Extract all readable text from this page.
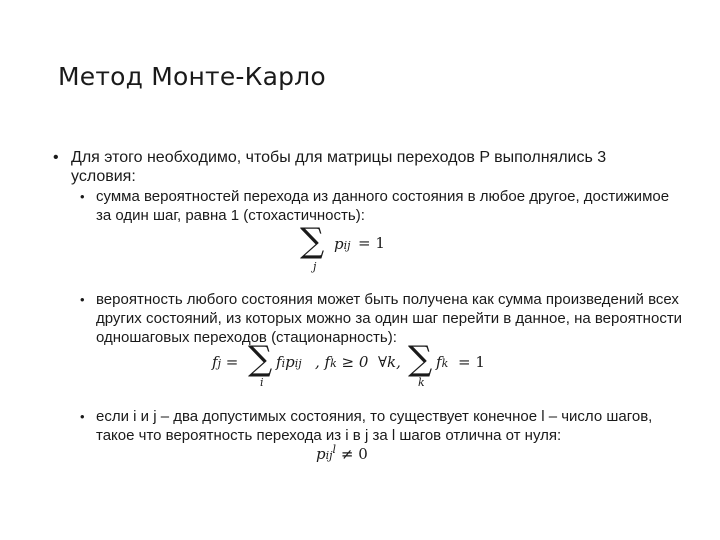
Метод Монте-Карло
• Для этого необходимо, чтобы для матрицы переходов P выполнялись 3 условия:
• сумма вероятностей перехода из данного состояния в любое другое, достижимое за один шаг, равна 1 (стохастичность):
∑
j
pij = 1
• вероятность любого состояния может быть получена как сумма произведений всех других состояний, из которых можно за один шаг перейти в данное, на вероятности одношаговых переходов (стационарность):
fj = ∑
i
fipij , fk ≥ 0 ∀k, ∑
k
fk = 1
• если i и j – два допустимых состояния, то существует конечное l – число шагов, такое что вероятность перехода из i в j за l шагов отлична от нуля:
pij$^l$ ≠ 0
